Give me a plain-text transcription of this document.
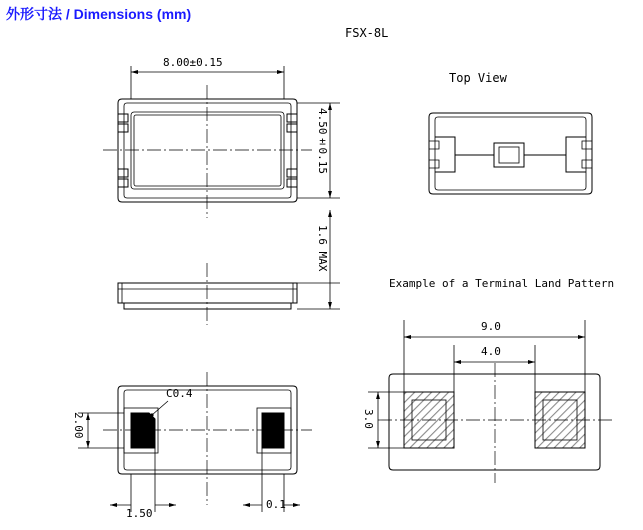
外形寸法 / Dimensions (mm)
FSX-8L
8.00±0.15
4.50±0.15
1.6 MAX
C0.4
2.00
1.50
0.1
Top View
Example of a Terminal Land Pattern
9.0
4.0
3.0
